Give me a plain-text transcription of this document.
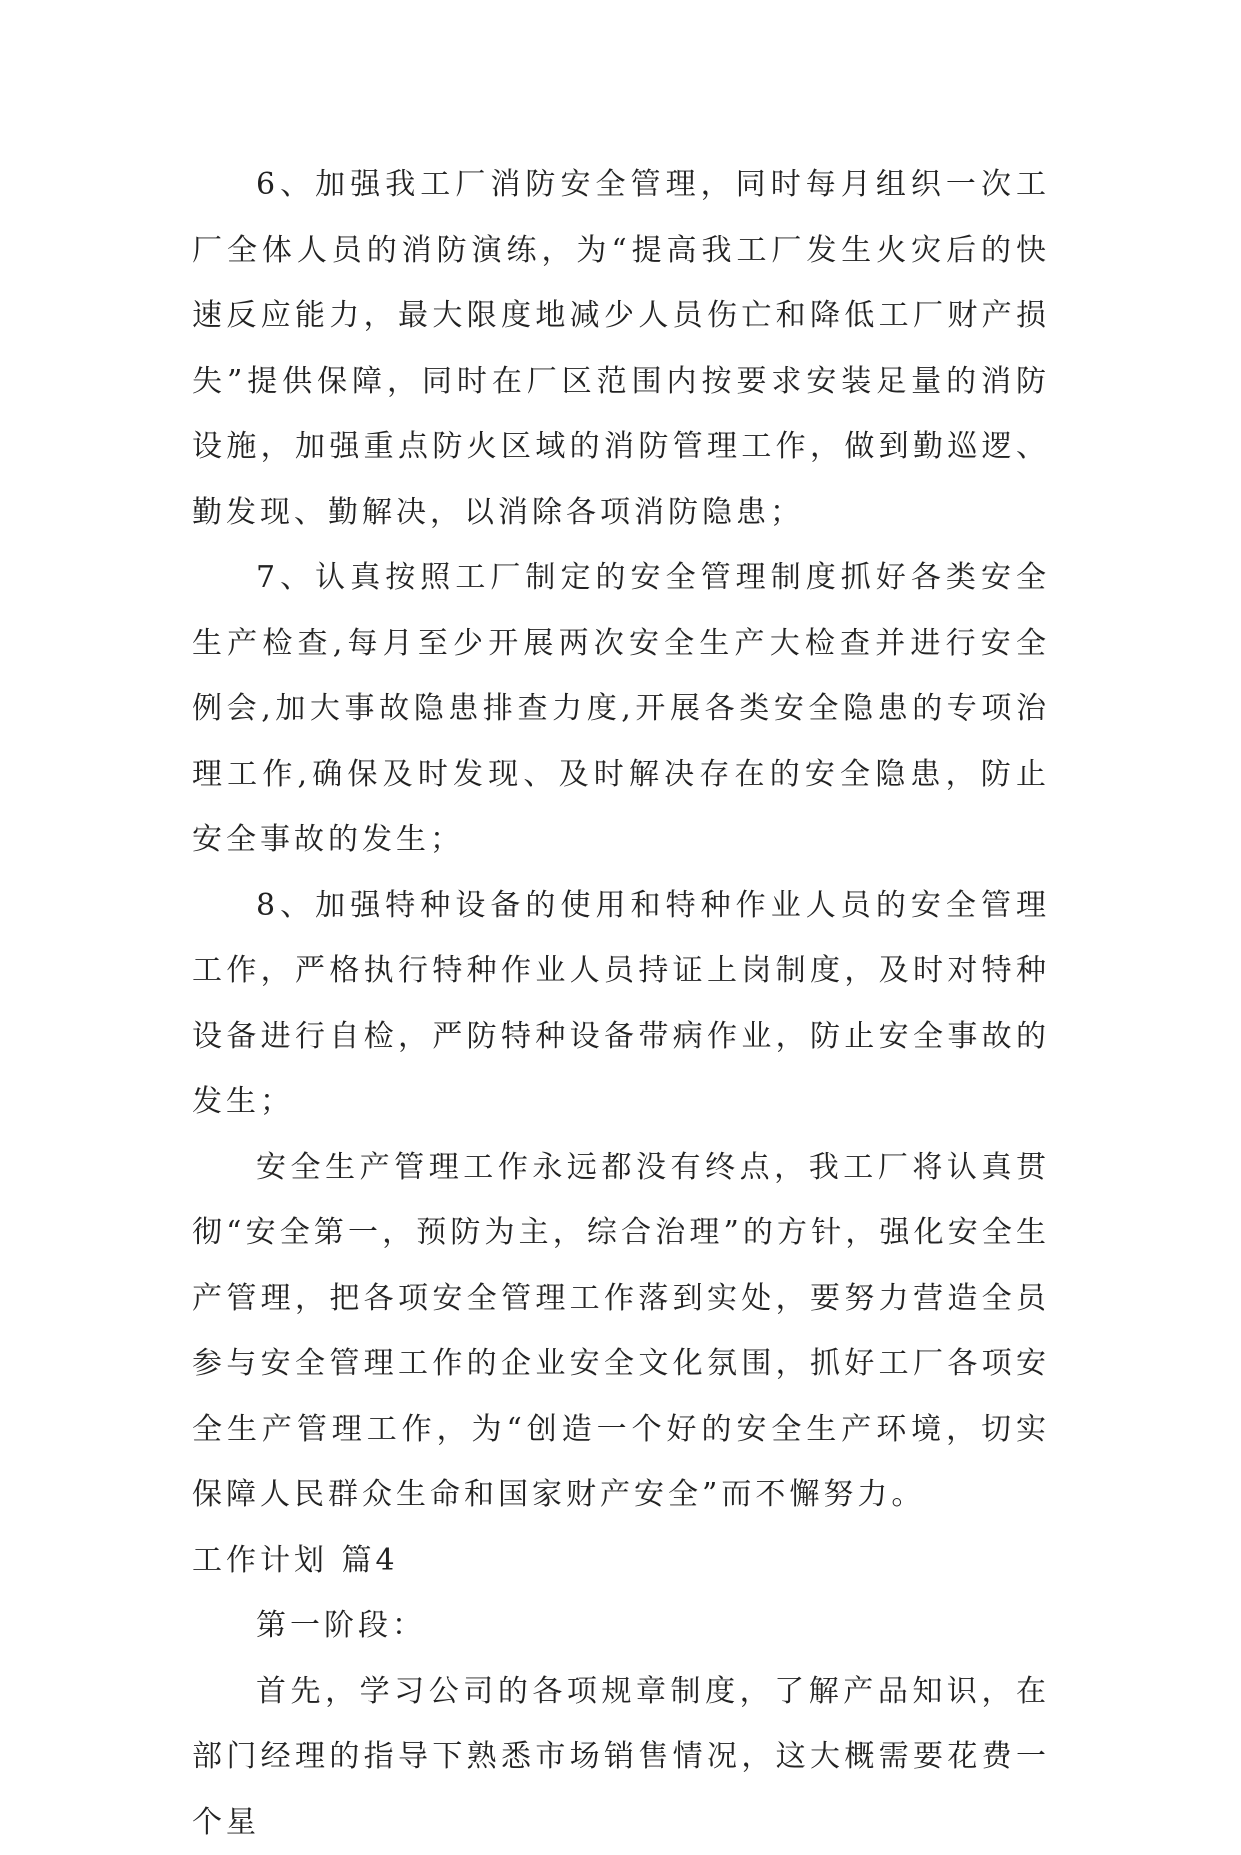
6、加强我工厂消防安全管理，同时每月组织一次工厂全体人员的消防演练，为“提高我工厂发生火灾后的快速反应能力，最大限度地减少人员伤亡和降低工厂财产损失”提供保障，同时在厂区范围内按要求安装足量的消防设施，加强重点防火区域的消防管理工作，做到勤巡逻、勤发现、勤解决，以消除各项消防隐患；

7、认真按照工厂制定的安全管理制度抓好各类安全生产检查,每月至少开展两次安全生产大检查并进行安全例会,加大事故隐患排查力度,开展各类安全隐患的专项治理工作,确保及时发现、及时解决存在的安全隐患，防止安全事故的发生；

8、加强特种设备的使用和特种作业人员的安全管理工作，严格执行特种作业人员持证上岗制度，及时对特种设备进行自检，严防特种设备带病作业，防止安全事故的发生；

安全生产管理工作永远都没有终点，我工厂将认真贯彻“安全第一，预防为主，综合治理”的方针，强化安全生产管理，把各项安全管理工作落到实处，要努力营造全员参与安全管理工作的企业安全文化氛围，抓好工厂各项安全生产管理工作，为“创造一个好的安全生产环境，切实保障人民群众生命和国家财产安全”而不懈努力。

工作计划 篇4

第一阶段：

首先，学习公司的各项规章制度，了解产品知识，在部门经理的指导下熟悉市场销售情况，这大概需要花费一个星
